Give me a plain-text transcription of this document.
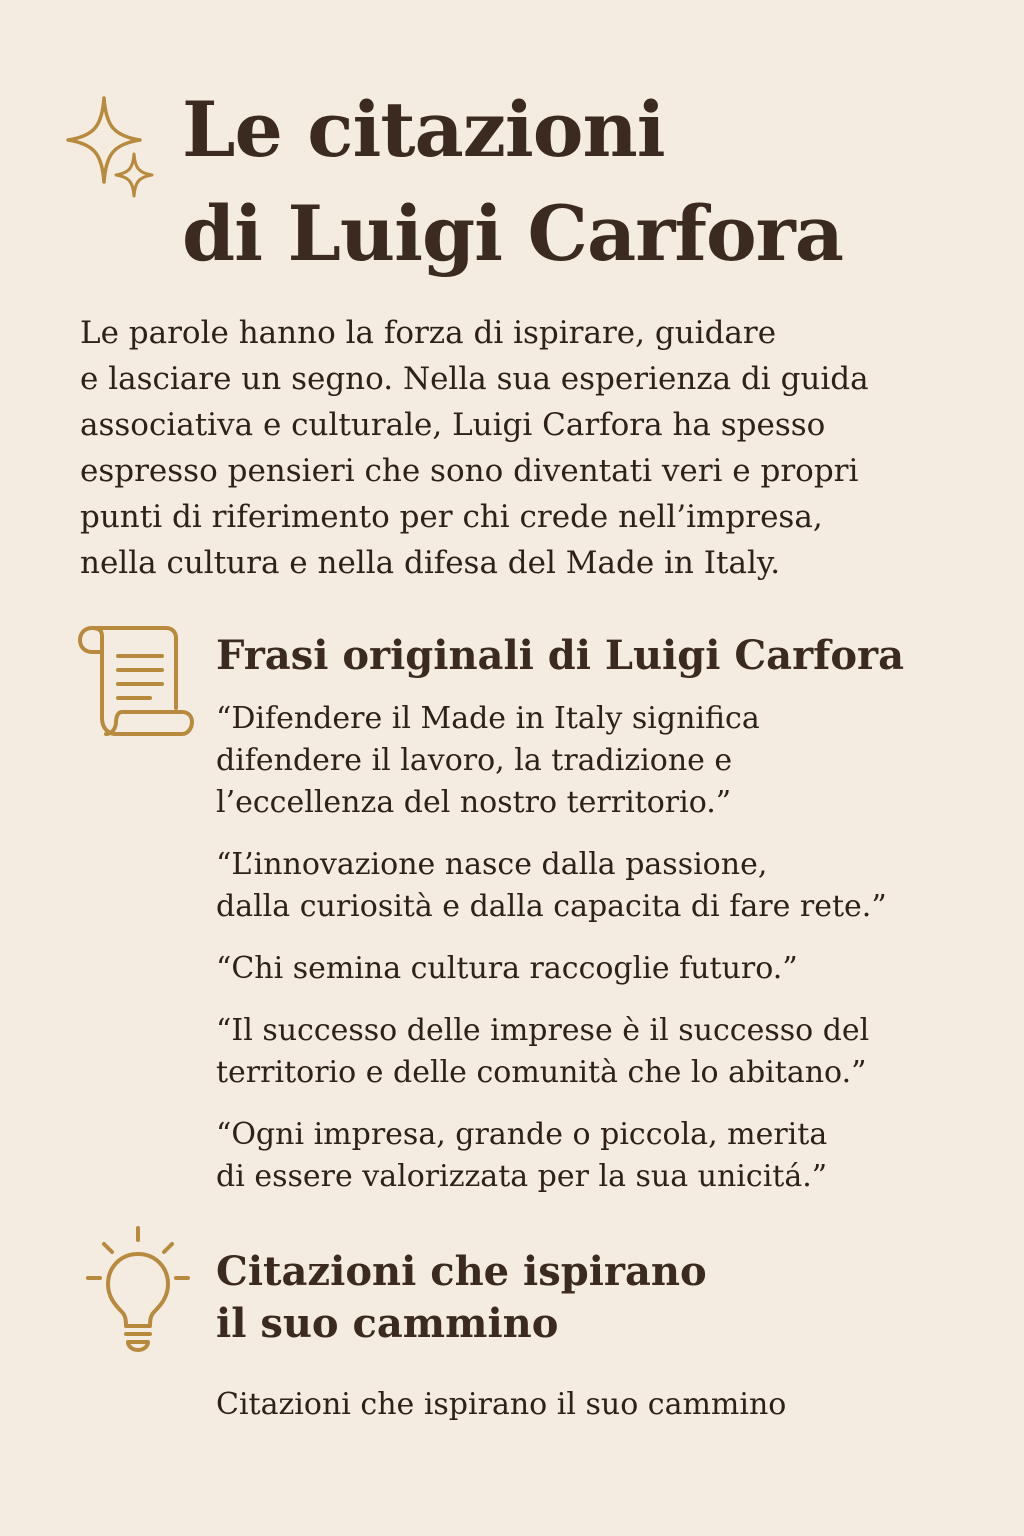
Le citazioni
di Luigi Carfora

Le parole hanno la forza di ispirare, guidare
e lasciare un segno. Nella sua esperienza di guida
associativa e culturale, Luigi Carfora ha spesso
espresso pensieri che sono diventati veri e propri
punti di riferimento per chi crede nell’impresa,
nella cultura e nella difesa del Made in Italy.

Frasi originali di Luigi Carfora
“Difendere il Made in Italy significa
difendere il lavoro, la tradizione e
l’eccellenza del nostro territorio.”
“L’innovazione nasce dalla passione,
dalla curiosità e dalla capacita di fare rete.”
“Chi semina cultura raccoglie futuro.”
“Il successo delle imprese è il successo del
territorio e delle comunità che lo abitano.”
“Ogni impresa, grande o piccola, merita
di essere valorizzata per la sua unicitá.”
Citazioni che ispirano
il suo cammino

Citazioni che ispirano il suo cammino
